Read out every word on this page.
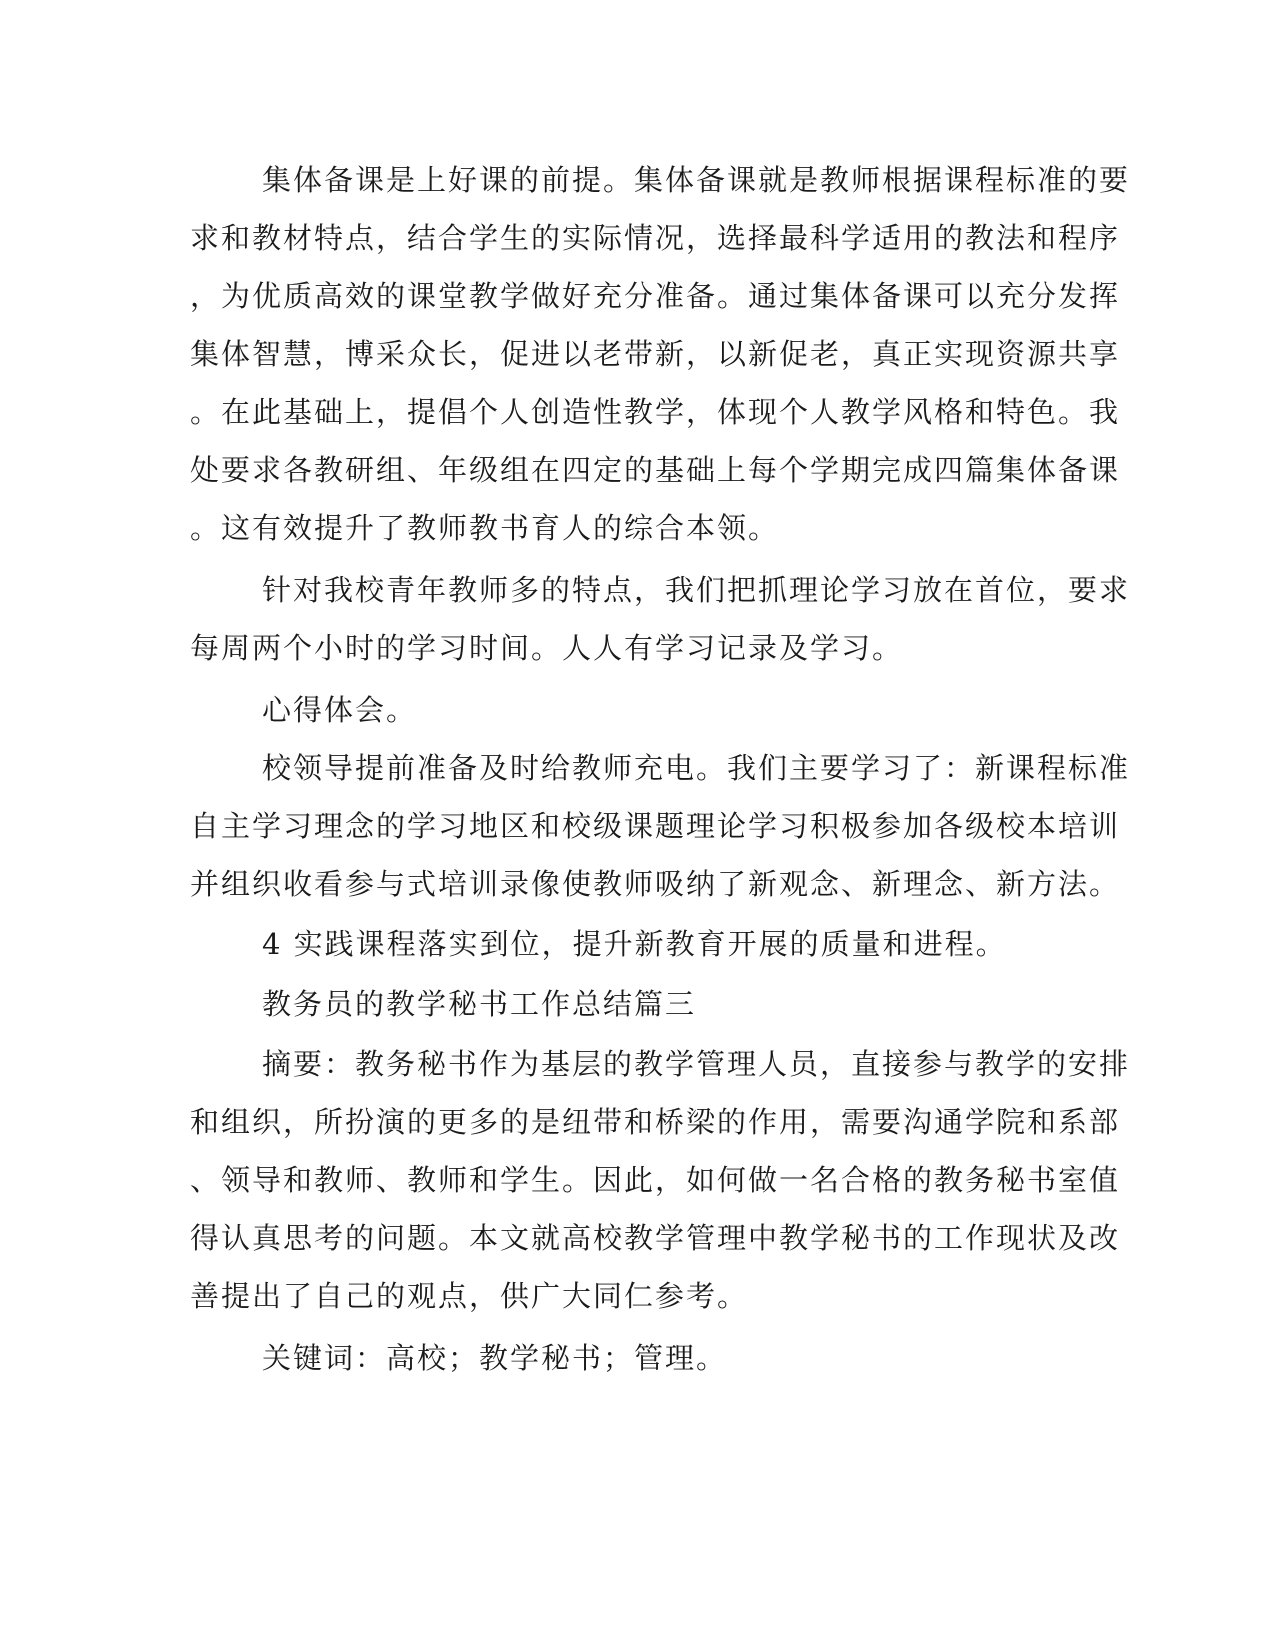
集体备课是上好课的前提。集体备课就是教师根据课程标准的要
求和教材特点，结合学生的实际情况，选择最科学适用的教法和程序
，为优质高效的课堂教学做好充分准备。通过集体备课可以充分发挥
集体智慧，博采众长，促进以老带新，以新促老，真正实现资源共享
。在此基础上，提倡个人创造性教学，体现个人教学风格和特色。我
处要求各教研组、年级组在四定的基础上每个学期完成四篇集体备课
。这有效提升了教师教书育人的综合本领。
针对我校青年教师多的特点，我们把抓理论学习放在首位，要求
每周两个小时的学习时间。人人有学习记录及学习。
心得体会。
校领导提前准备及时给教师充电。我们主要学习了：新课程标准
自主学习理念的学习地区和校级课题理论学习积极参加各级校本培训
并组织收看参与式培训录像使教师吸纳了新观念、新理念、新方法。
4 实践课程落实到位，提升新教育开展的质量和进程。
教务员的教学秘书工作总结篇三
摘要：教务秘书作为基层的教学管理人员，直接参与教学的安排
和组织，所扮演的更多的是纽带和桥梁的作用，需要沟通学院和系部
、领导和教师、教师和学生。因此，如何做一名合格的教务秘书室值
得认真思考的问题。本文就高校教学管理中教学秘书的工作现状及改
善提出了自己的观点，供广大同仁参考。
关键词：高校；教学秘书；管理。
